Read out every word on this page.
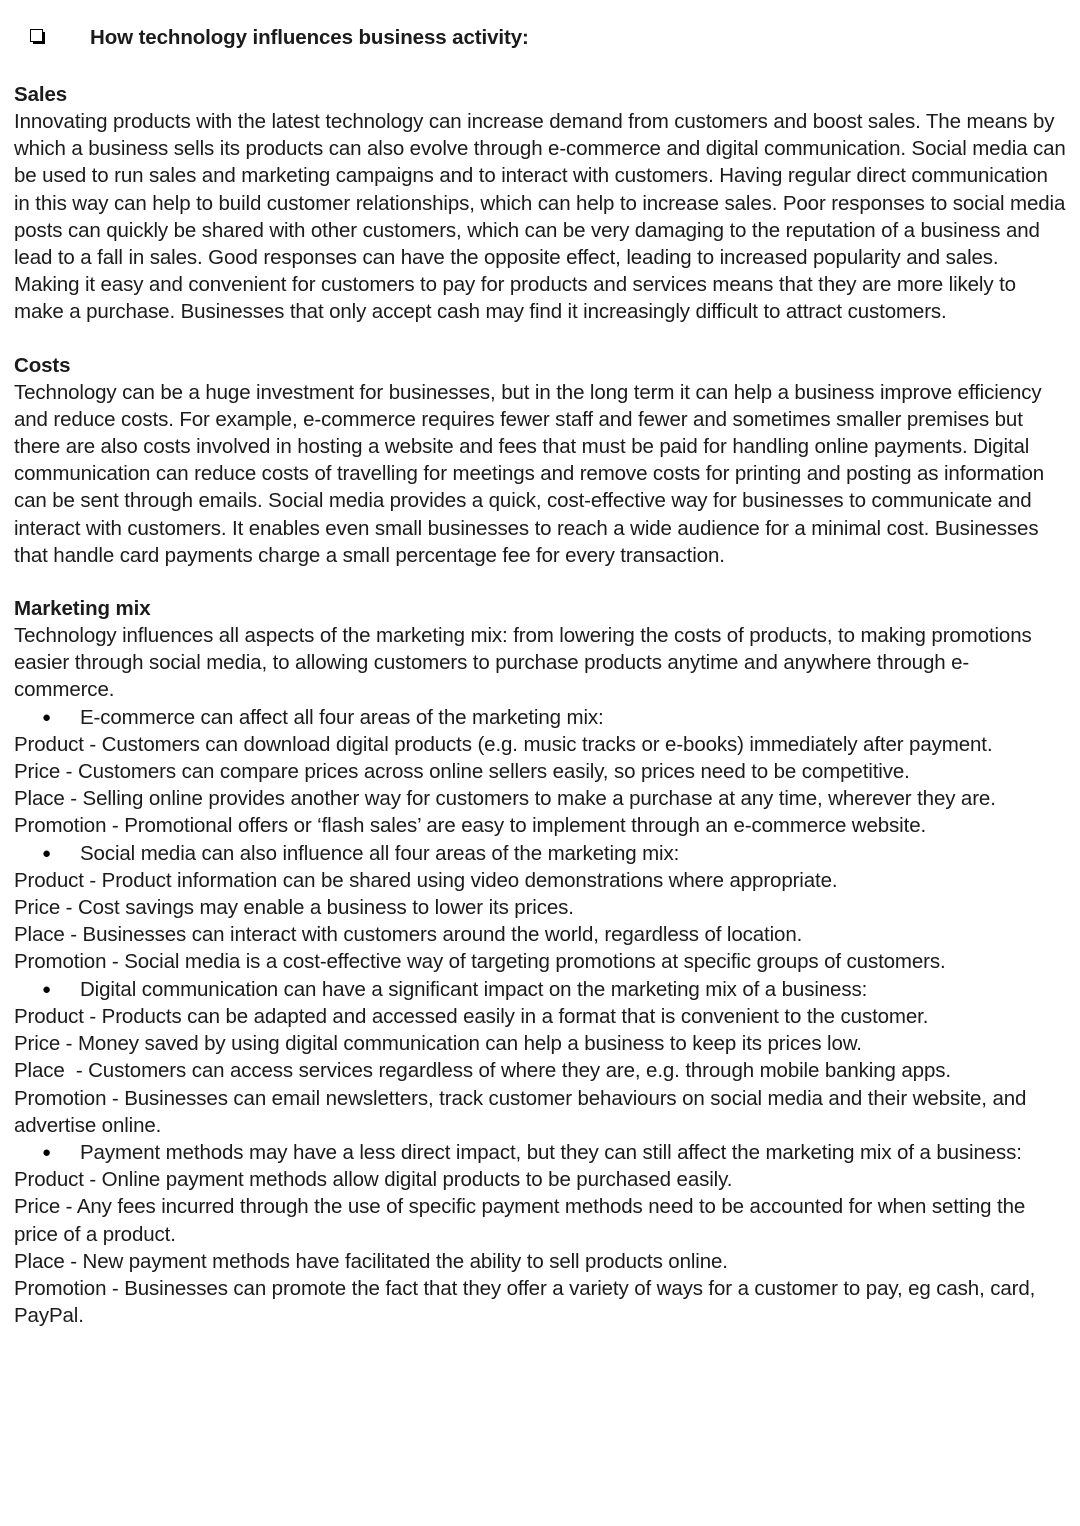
How technology influences business activity:
Sales
Innovating products with the latest technology can increase demand from customers and boost sales. The means by which a business sells its products can also evolve through e-commerce and digital communication. Social media can be used to run sales and marketing campaigns and to interact with customers. Having regular direct communication in this way can help to build customer relationships, which can help to increase sales. Poor responses to social media posts can quickly be shared with other customers, which can be very damaging to the reputation of a business and lead to a fall in sales. Good responses can have the opposite effect, leading to increased popularity and sales. Making it easy and convenient for customers to pay for products and services means that they are more likely to make a purchase. Businesses that only accept cash may find it increasingly difficult to attract customers.
Costs
Technology can be a huge investment for businesses, but in the long term it can help a business improve efficiency and reduce costs. For example, e-commerce requires fewer staff and fewer and sometimes smaller premises but there are also costs involved in hosting a website and fees that must be paid for handling online payments. Digital communication can reduce costs of travelling for meetings and remove costs for printing and posting as information can be sent through emails. Social media provides a quick, cost-effective way for businesses to communicate and interact with customers. It enables even small businesses to reach a wide audience for a minimal cost. Businesses that handle card payments charge a small percentage fee for every transaction.
Marketing mix
Technology influences all aspects of the marketing mix: from lowering the costs of products, to making promotions easier through social media, to allowing customers to purchase products anytime and anywhere through e-commerce.
●	E-commerce can affect all four areas of the marketing mix:
Product - Customers can download digital products (e.g. music tracks or e-books) immediately after payment.
Price - Customers can compare prices across online sellers easily, so prices need to be competitive.
Place - Selling online provides another way for customers to make a purchase at any time, wherever they are.
Promotion - Promotional offers or ‘flash sales’ are easy to implement through an e-commerce website.
●	Social media can also influence all four areas of the marketing mix:
Product - Product information can be shared using video demonstrations where appropriate.
Price - Cost savings may enable a business to lower its prices.
Place - Businesses can interact with customers around the world, regardless of location.
Promotion - Social media is a cost-effective way of targeting promotions at specific groups of customers.
●	Digital communication can have a significant impact on the marketing mix of a business:
Product - Products can be adapted and accessed easily in a format that is convenient to the customer.
Price - Money saved by using digital communication can help a business to keep its prices low.
Place  - Customers can access services regardless of where they are, e.g. through mobile banking apps.
Promotion - Businesses can email newsletters, track customer behaviours on social media and their website, and advertise online.
●	Payment methods may have a less direct impact, but they can still affect the marketing mix of a business:
Product - Online payment methods allow digital products to be purchased easily.
Price - Any fees incurred through the use of specific payment methods need to be accounted for when setting the price of a product.
Place - New payment methods have facilitated the ability to sell products online.
Promotion - Businesses can promote the fact that they offer a variety of ways for a customer to pay, eg cash, card, PayPal.
